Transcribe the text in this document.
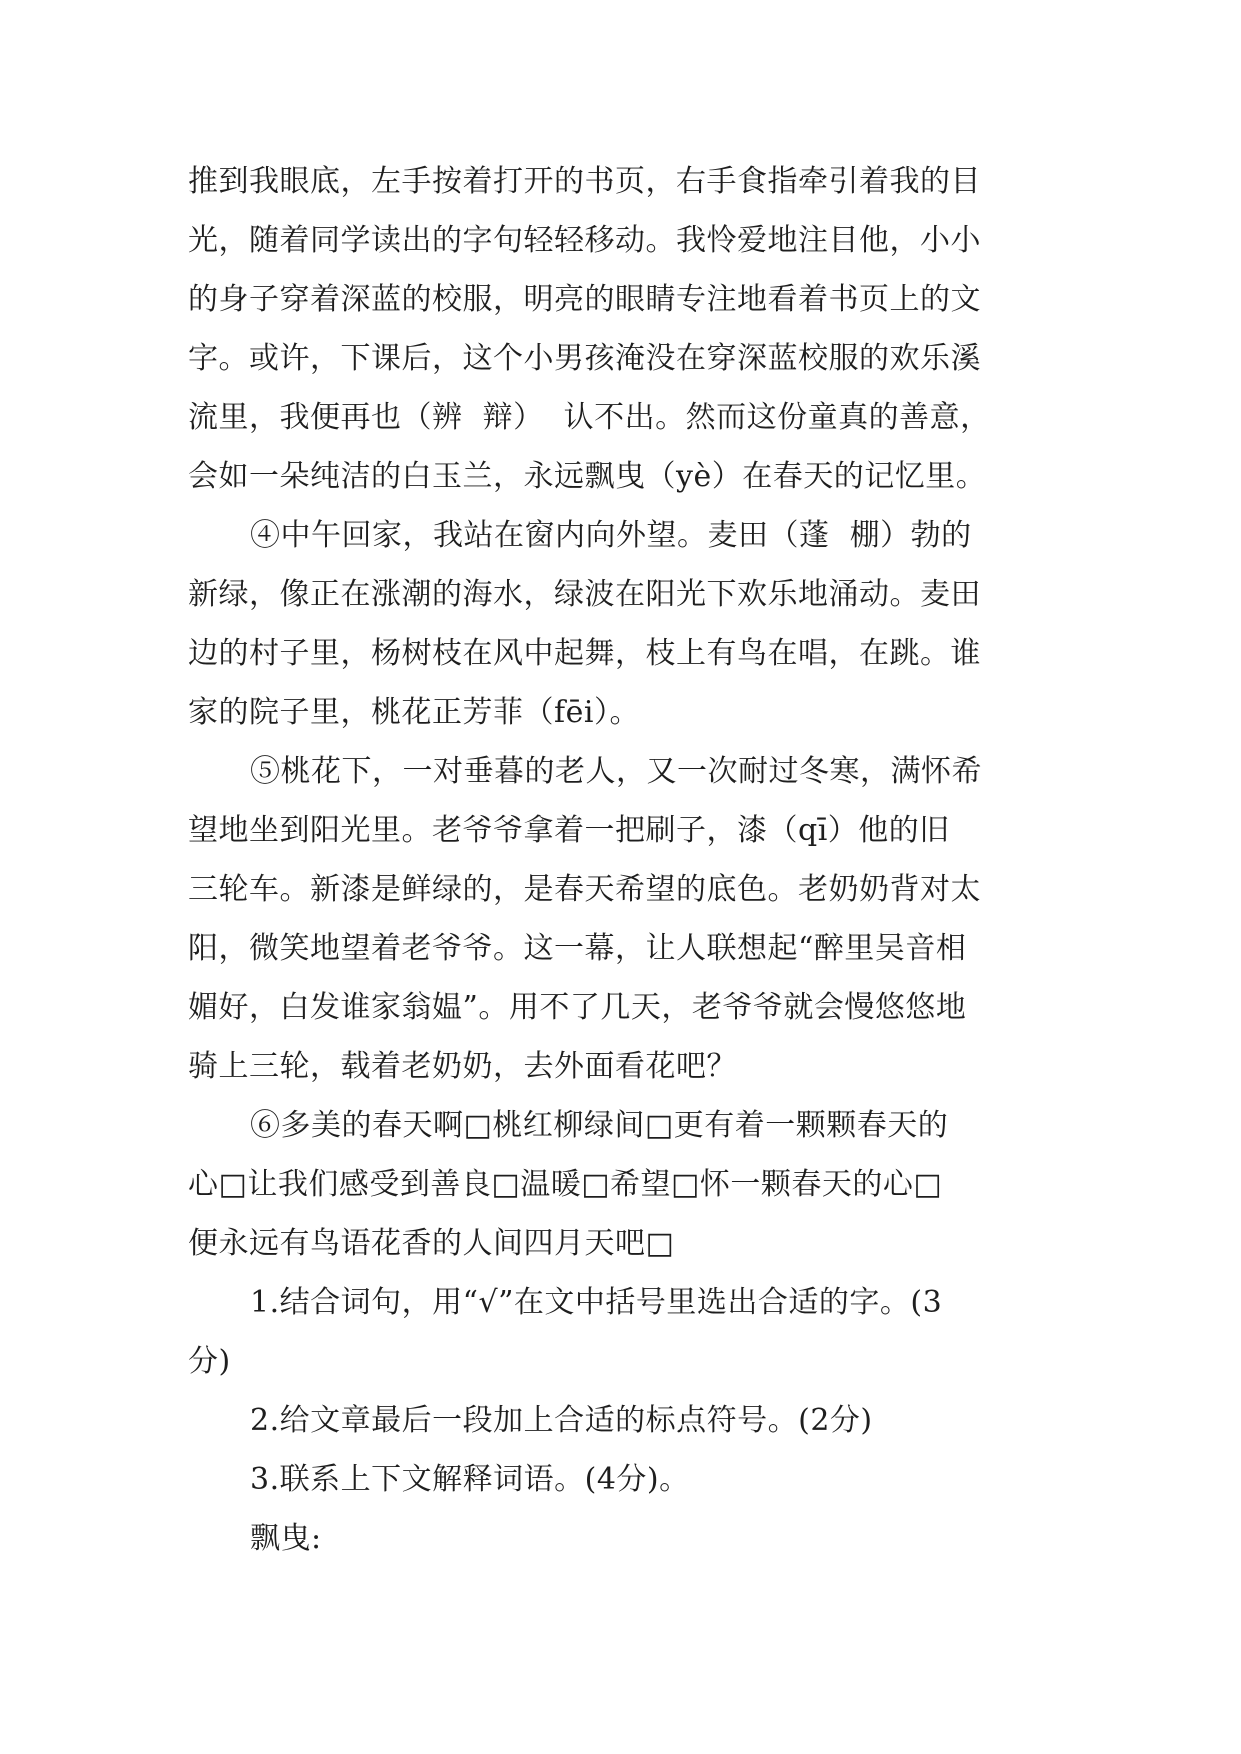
推到我眼底，左手按着打开的书页，右手食指牵引着我的目
光，随着同学读出的字句轻轻移动。我怜爱地注目他，小小
的身子穿着深蓝的校服，明亮的眼睛专注地看着书页上的文
字。或许，下课后，这个小男孩淹没在穿深蓝校服的欢乐溪
流里，我便再也（辨  辩）  认不出。然而这份童真的善意，
会如一朵纯洁的白玉兰，永远飘曳（yè）在春天的记忆里。
④中午回家，我站在窗内向外望。麦田（蓬  棚）勃的
新绿，像正在涨潮的海水，绿波在阳光下欢乐地涌动。麦田
边的村子里，杨树枝在风中起舞，枝上有鸟在唱，在跳。谁
家的院子里，桃花正芳菲（fēi）。
⑤桃花下，一对垂暮的老人，又一次耐过冬寒，满怀希
望地坐到阳光里。老爷爷拿着一把刷子，漆（qī）他的旧
三轮车。新漆是鲜绿的，是春天希望的底色。老奶奶背对太
阳，微笑地望着老爷爷。这一幕，让人联想起“醉里吴音相
媚好，白发谁家翁媪”。用不了几天，老爷爷就会慢悠悠地
骑上三轮，载着老奶奶，去外面看花吧？
⑥多美的春天啊□桃红柳绿间□更有着一颗颗春天的
心□让我们感受到善良□温暖□希望□怀一颗春天的心□
便永远有鸟语花香的人间四月天吧□
1.结合词句，用“√”在文中括号里选出合适的字。(3
分)
2.给文章最后一段加上合适的标点符号。(2分)
3.联系上下文解释词语。(4分)。
飘曳:
